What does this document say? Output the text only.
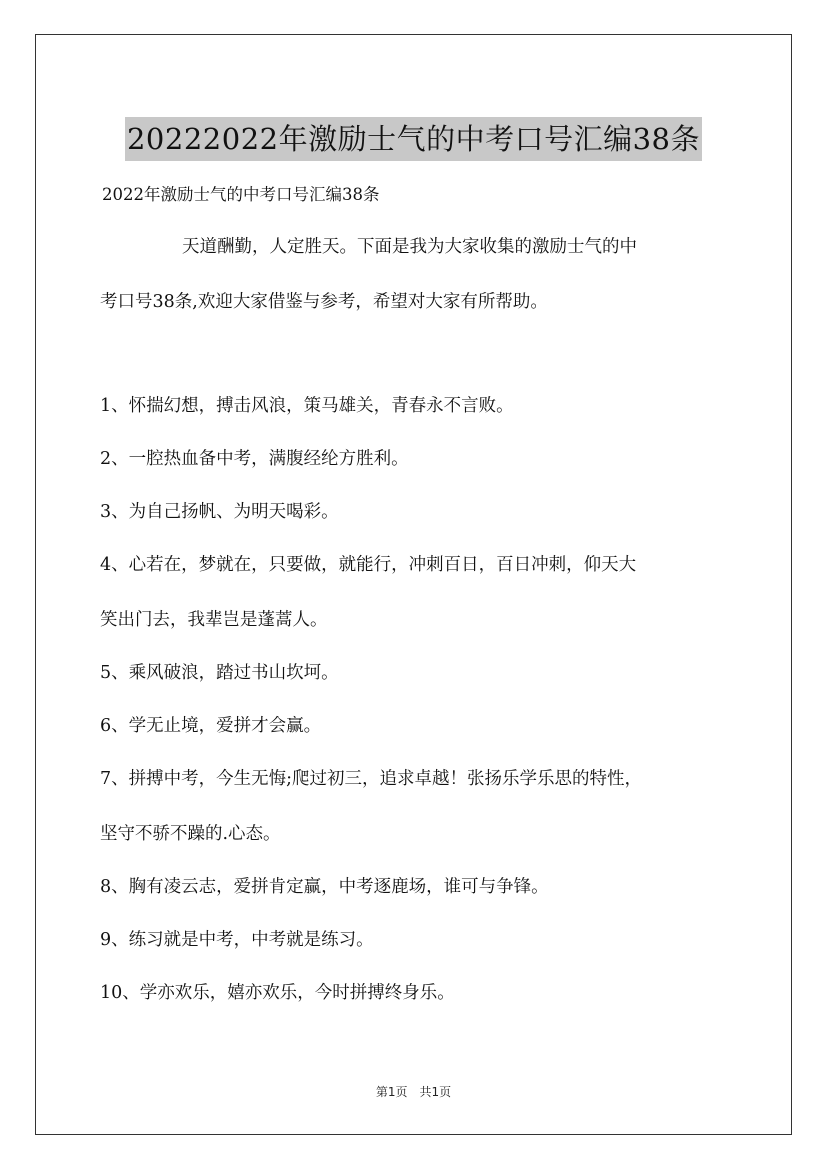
20222022年激励士气的中考口号汇编38条
2022年激励士气的中考口号汇编38条
天道酬勤，人定胜天。下面是我为大家收集的激励士气的中
考口号38条,欢迎大家借鉴与参考，希望对大家有所帮助。
1、怀揣幻想，搏击风浪，策马雄关，青春永不言败。
2、一腔热血备中考，满腹经纶方胜利。
3、为自己扬帆、为明天喝彩。
4、心若在，梦就在，只要做，就能行，冲刺百日，百日冲刺，仰天大
笑出门去，我辈岂是蓬蒿人。
5、乘风破浪，踏过书山坎坷。
6、学无止境，爱拼才会赢。
7、拼搏中考，今生无悔;爬过初三，追求卓越！张扬乐学乐思的特性，
坚守不骄不躁的.心态。
8、胸有凌云志，爱拼肯定赢，中考逐鹿场，谁可与争锋。
9、练习就是中考，中考就是练习。
10、学亦欢乐，嬉亦欢乐，今时拼搏终身乐。
第1页　共1页
